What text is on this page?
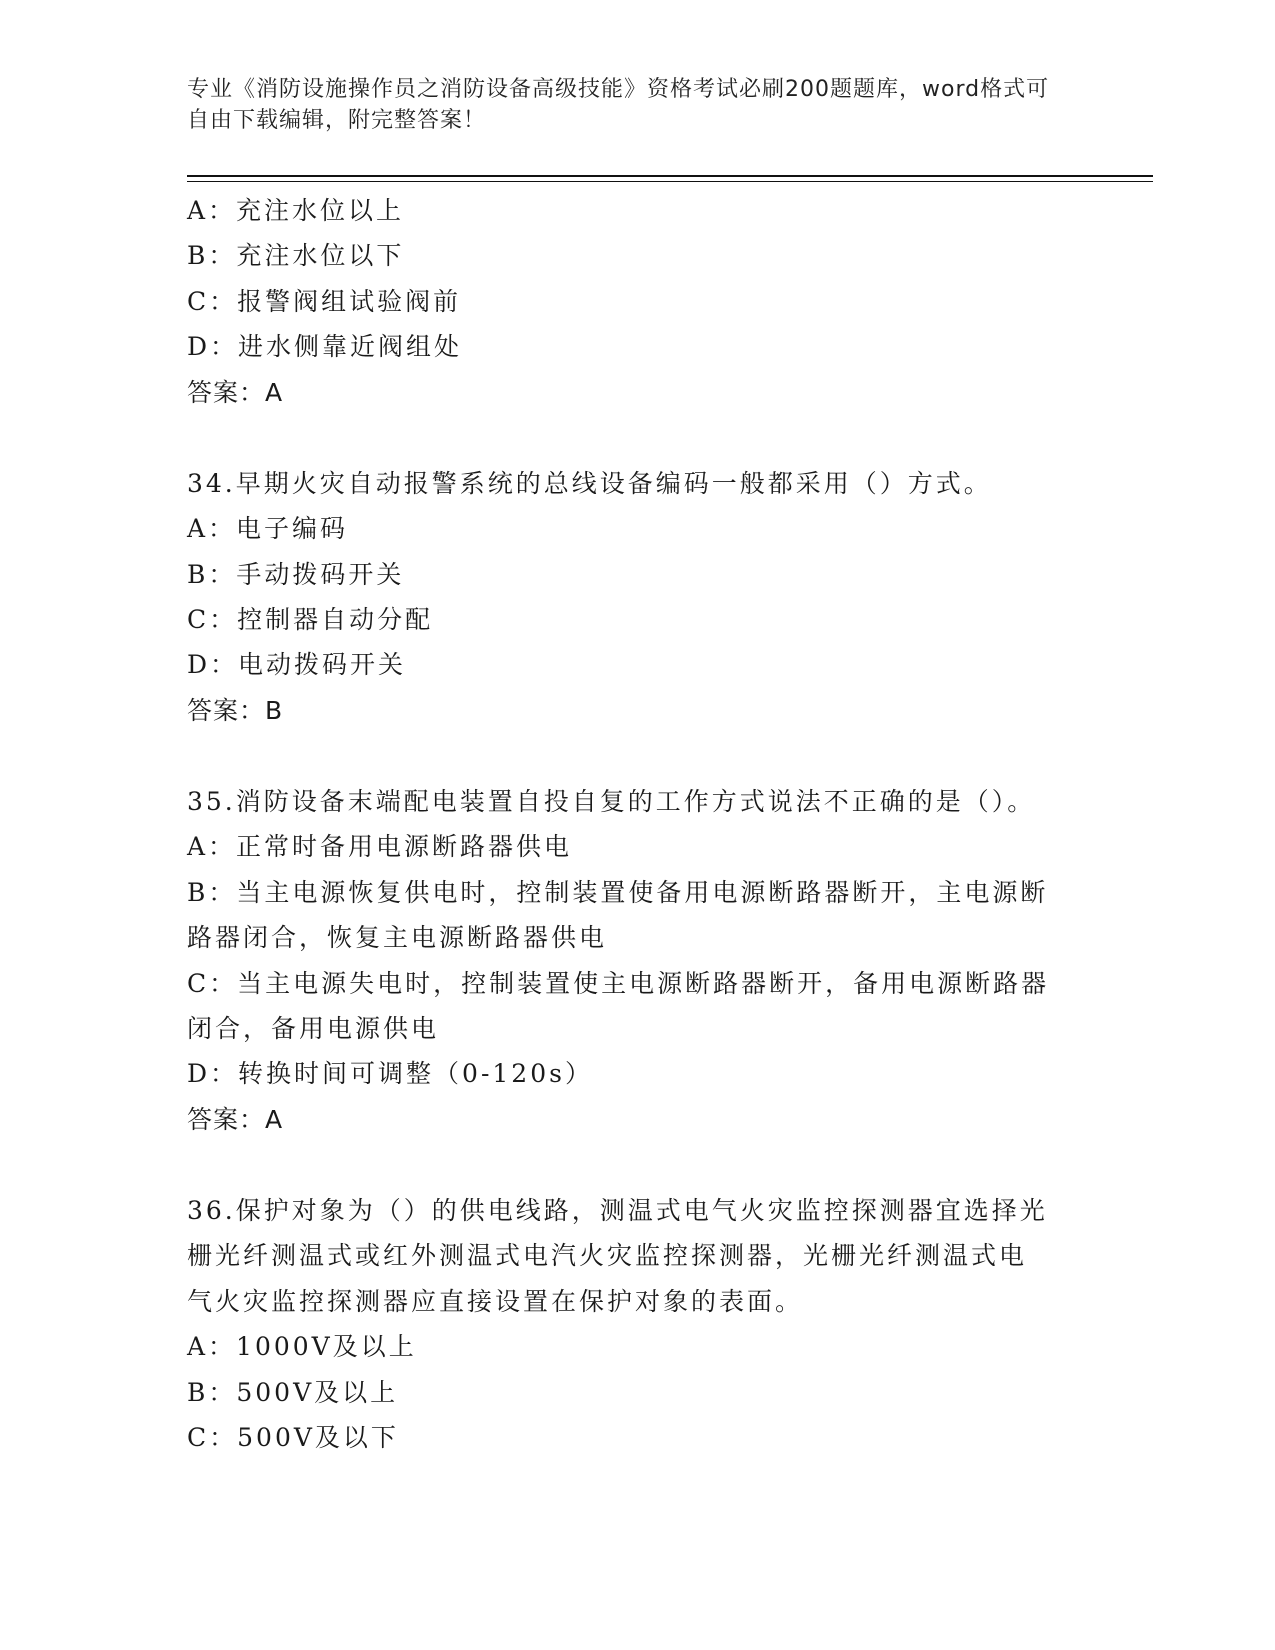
专业《消防设施操作员之消防设备高级技能》资格考试必刷200题题库，word格式可自由下载编辑，附完整答案！
A：充注水位以上
B：充注水位以下
C：报警阀组试验阀前
D：进水侧靠近阀组处
答案：A
34.早期火灾自动报警系统的总线设备编码一般都采用（）方式。
A：电子编码
B：手动拨码开关
C：控制器自动分配
D：电动拨码开关
答案：B
35.消防设备末端配电装置自投自复的工作方式说法不正确的是（）。
A：正常时备用电源断路器供电
B：当主电源恢复供电时，控制装置使备用电源断路器断开，主电源断
路器闭合，恢复主电源断路器供电
C：当主电源失电时，控制装置使主电源断路器断开，备用电源断路器
闭合，备用电源供电
D：转换时间可调整（0-120s）
答案：A
36.保护对象为（）的供电线路，测温式电气火灾监控探测器宜选择光
栅光纤测温式或红外测温式电汽火灾监控探测器，光栅光纤测温式电
气火灾监控探测器应直接设置在保护对象的表面。
A：1000V及以上
B：500V及以上
C：500V及以下
